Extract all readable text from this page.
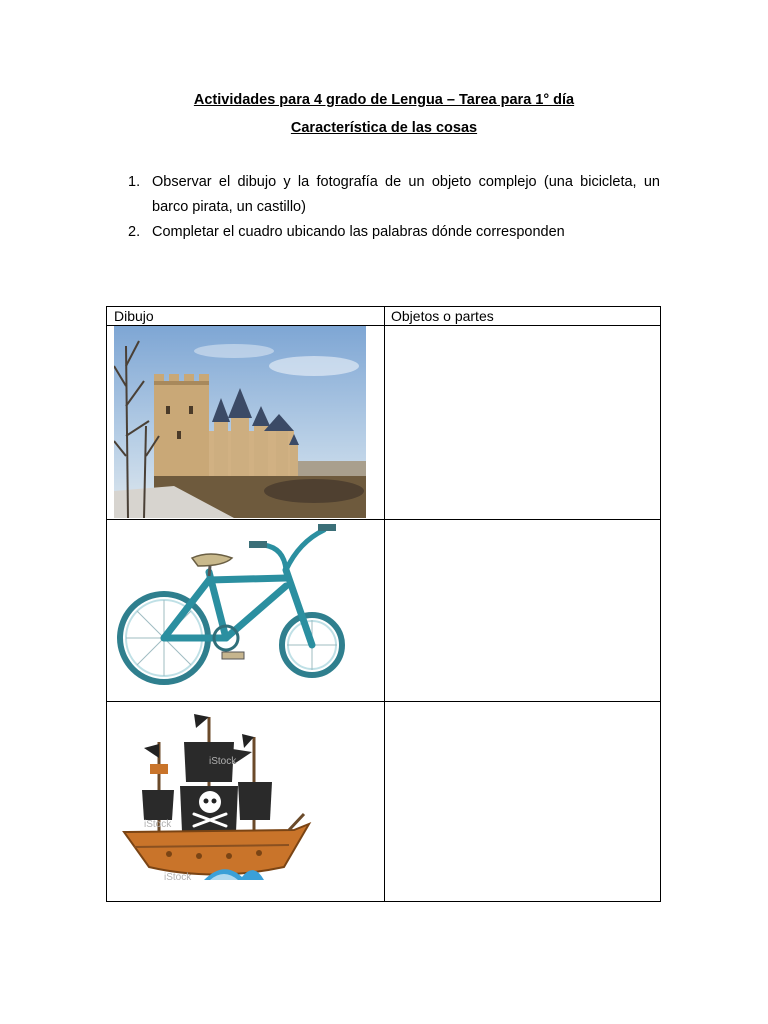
Actividades para 4 grado de Lengua – Tarea para 1° día
Característica de las cosas
1. Observar el dibujo y la fotografía de un objeto complejo (una bicicleta, un barco pirata, un castillo)
2. Completar el cuadro ubicando las palabras dónde corresponden
Dibujo	Objetos o partes
iStock
iStock
iStock
